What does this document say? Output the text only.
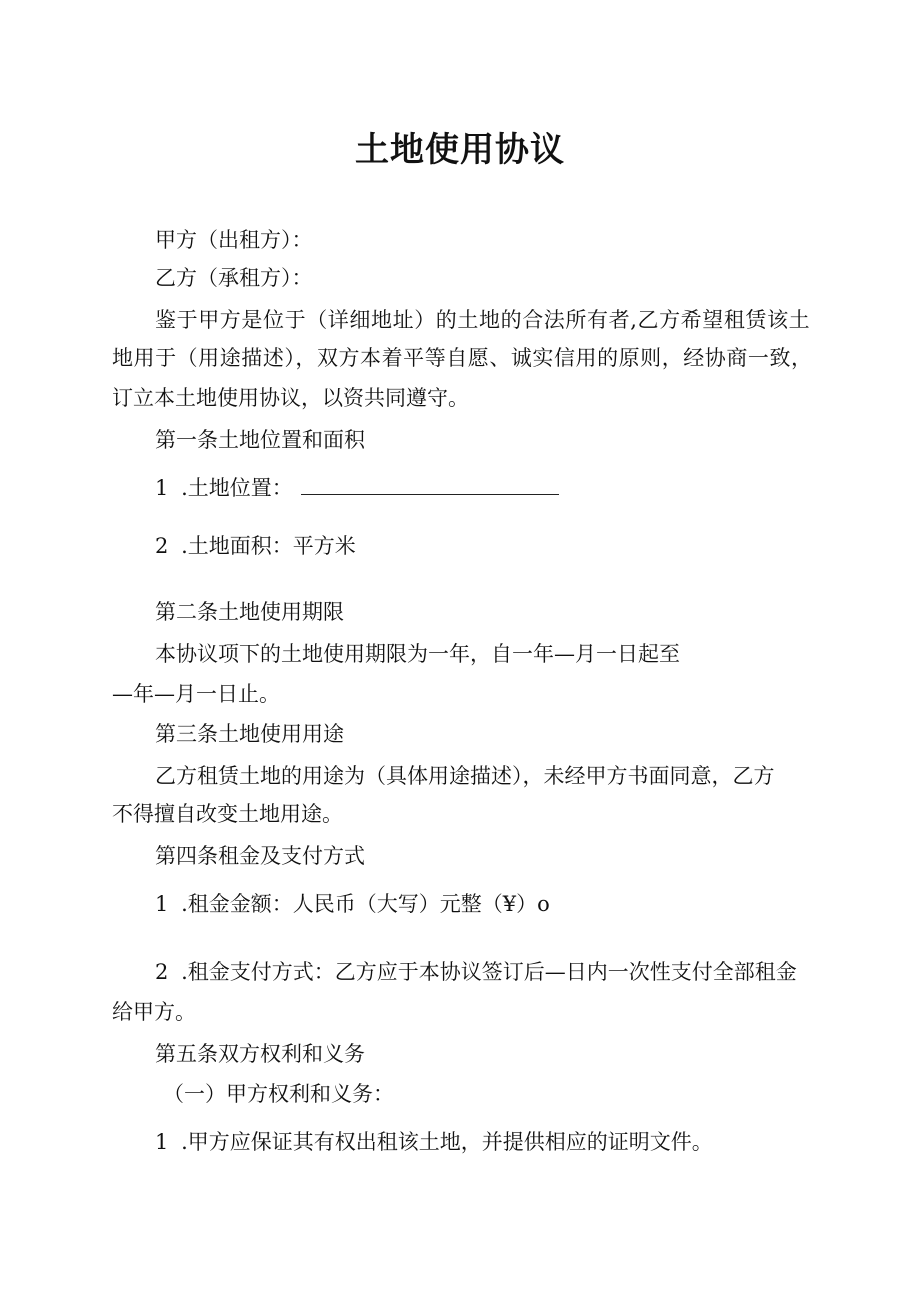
土地使用协议
甲方（出租方）：
乙方（承租方）：
鉴于甲方是位于（详细地址）的土地的合法所有者,乙方希望租赁该土
地用于（用途描述），双方本着平等自愿、诚实信用的原则，经协商一致，
订立本土地使用协议，以资共同遵守。
第一条土地位置和面积
1 .土地位置：
2 .土地面积：平方米
第二条土地使用期限
本协议项下的土地使用期限为一年，自一年—月一日起至
—年—月一日止。
第三条土地使用用途
乙方租赁土地的用途为（具体用途描述），未经甲方书面同意，乙方
不得擅自改变土地用途。
第四条租金及支付方式
1 .租金金额：人民币（大写）元整（¥）o
2 .租金支付方式：乙方应于本协议签订后—日内一次性支付全部租金
给甲方。
第五条双方权利和义务
（一）甲方权利和义务：
1 .甲方应保证其有权出租该土地，并提供相应的证明文件。
